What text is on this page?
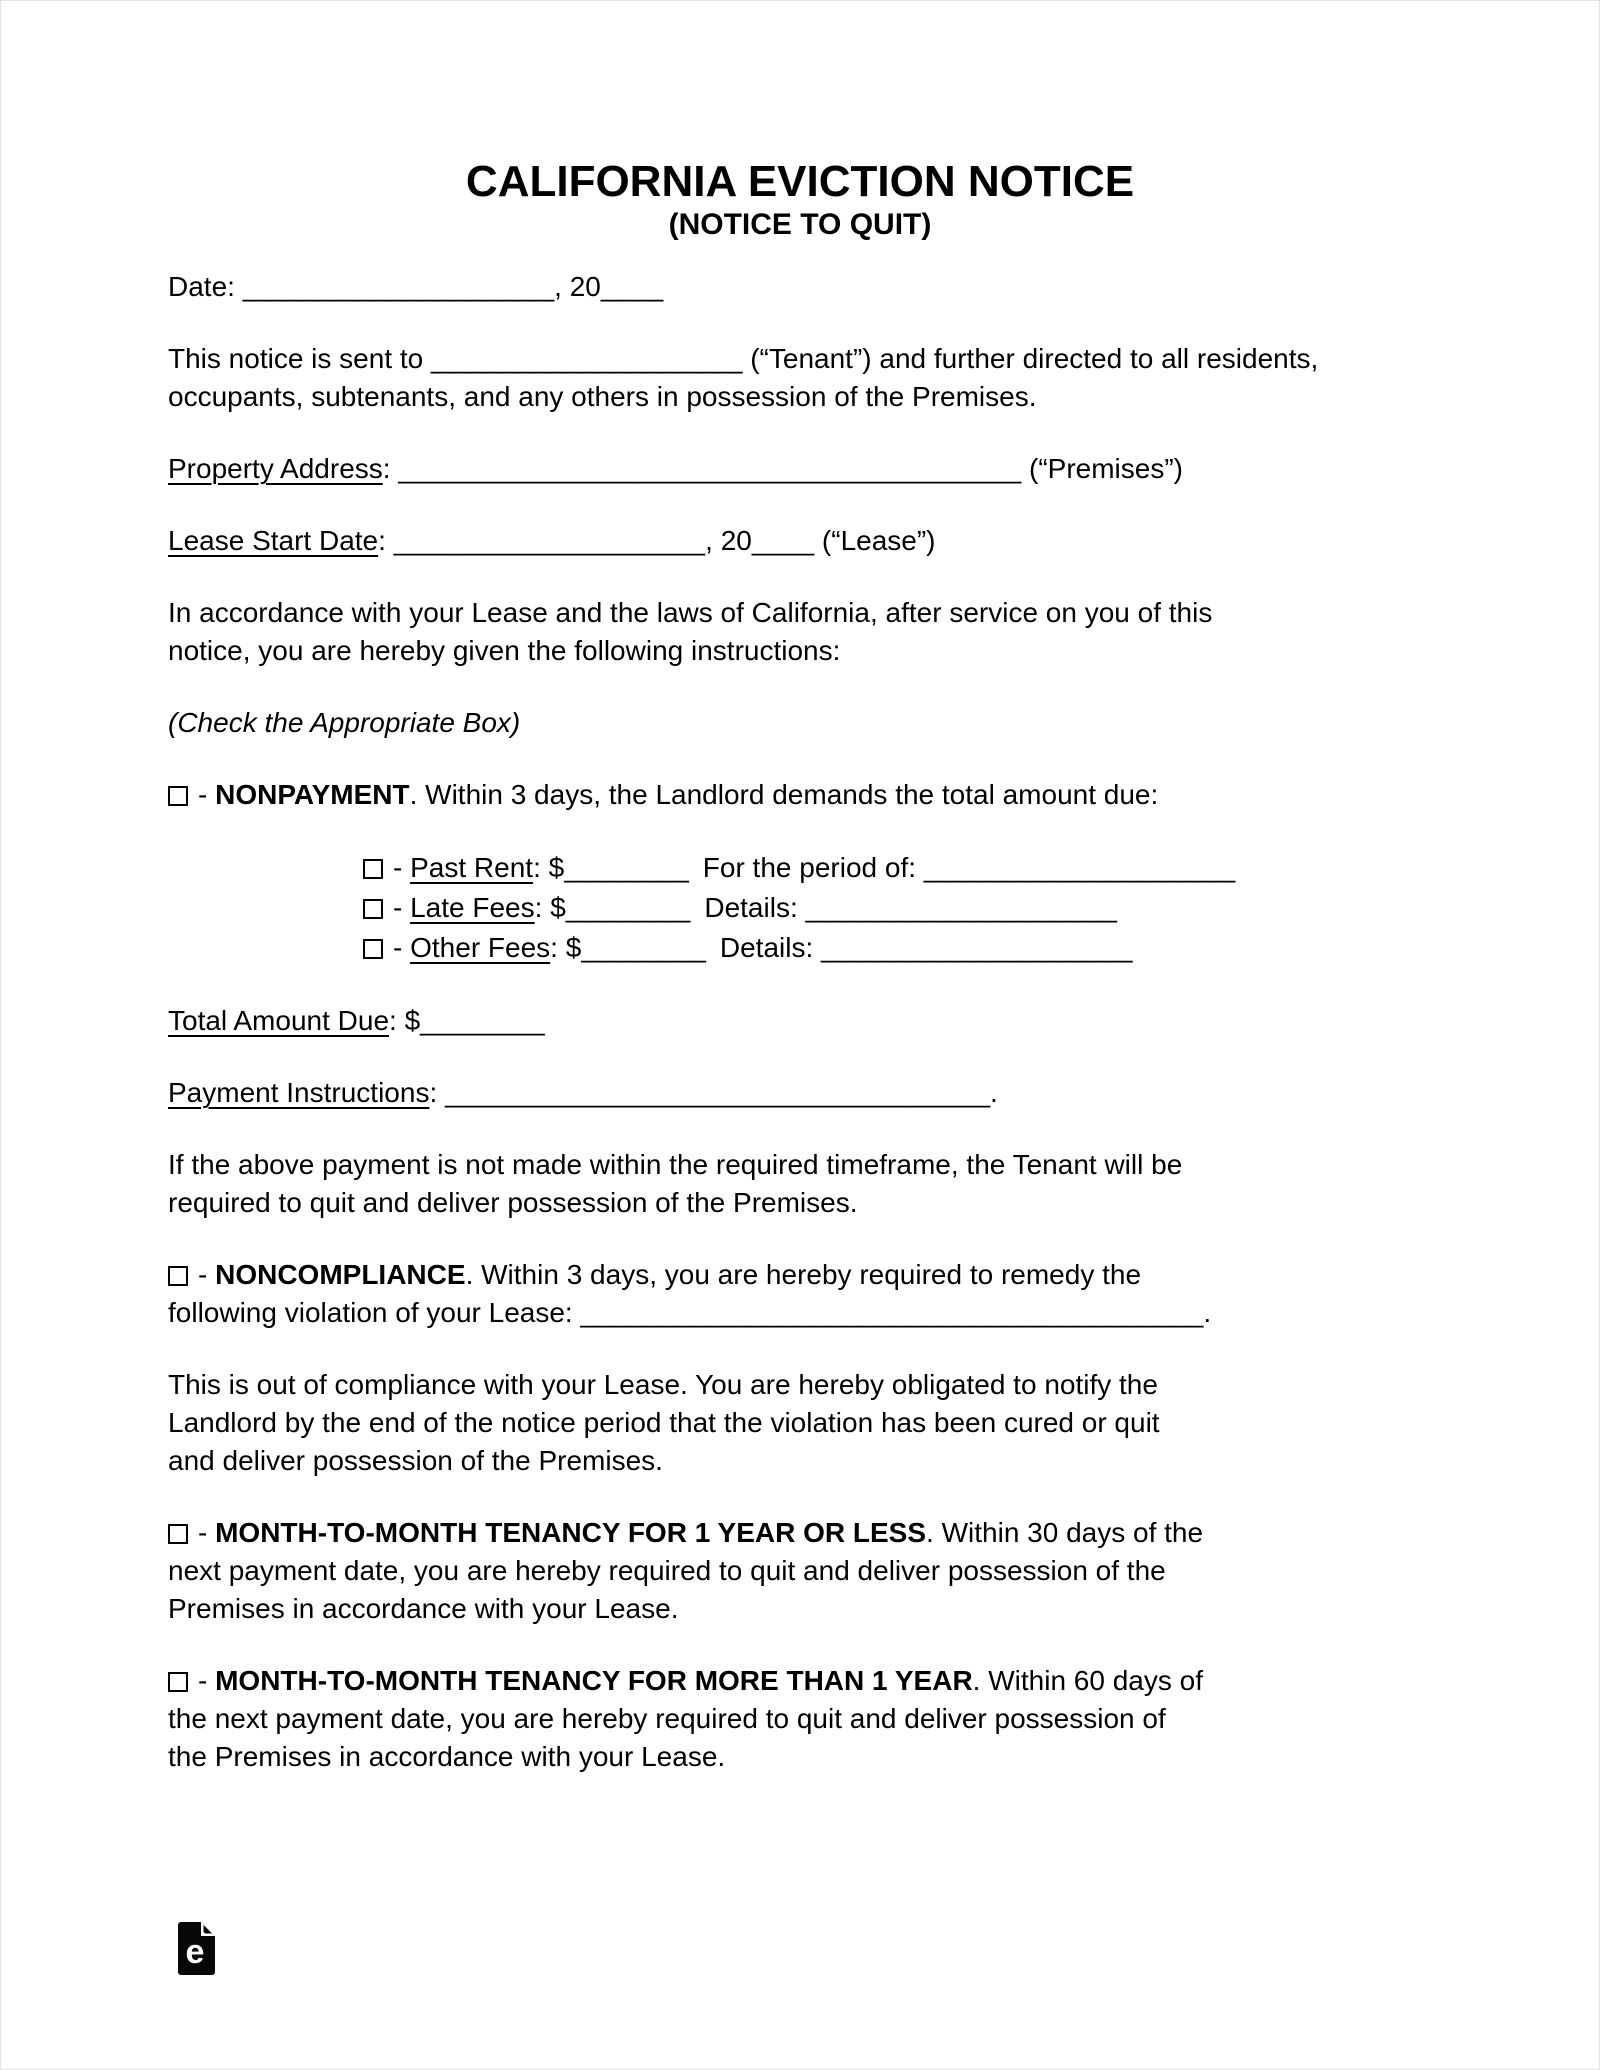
CALIFORNIA EVICTION NOTICE
(NOTICE TO QUIT)

Date: ____________________, 20____

This notice is sent to ____________________ (“Tenant”) and further directed to all residents,
occupants, subtenants, and any others in possession of the Premises.

Property Address: ________________________________________ (“Premises”)

Lease Start Date: ____________________, 20____ (“Lease”)

In accordance with your Lease and the laws of California, after service on you of this
notice, you are hereby given the following instructions:

(Check the Appropriate Box)

- NONPAYMENT. Within 3 days, the Landlord demands the total amount due:

- Past Rent: $________ For the period of: ____________________

- Late Fees: $________ Details: ____________________

- Other Fees: $________ Details: ____________________

Total Amount Due: $________

Payment Instructions: ___________________________________.

If the above payment is not made within the required timeframe, the Tenant will be
required to quit and deliver possession of the Premises.

- NONCOMPLIANCE. Within 3 days, you are hereby required to remedy the
following violation of your Lease: ________________________________________.

This is out of compliance with your Lease. You are hereby obligated to notify the
Landlord by the end of the notice period that the violation has been cured or quit
and deliver possession of the Premises.

- MONTH-TO-MONTH TENANCY FOR 1 YEAR OR LESS. Within 30 days of the
next payment date, you are hereby required to quit and deliver possession of the
Premises in accordance with your Lease.

- MONTH-TO-MONTH TENANCY FOR MORE THAN 1 YEAR. Within 60 days of
the next payment date, you are hereby required to quit and deliver possession of
the Premises in accordance with your Lease.

e
